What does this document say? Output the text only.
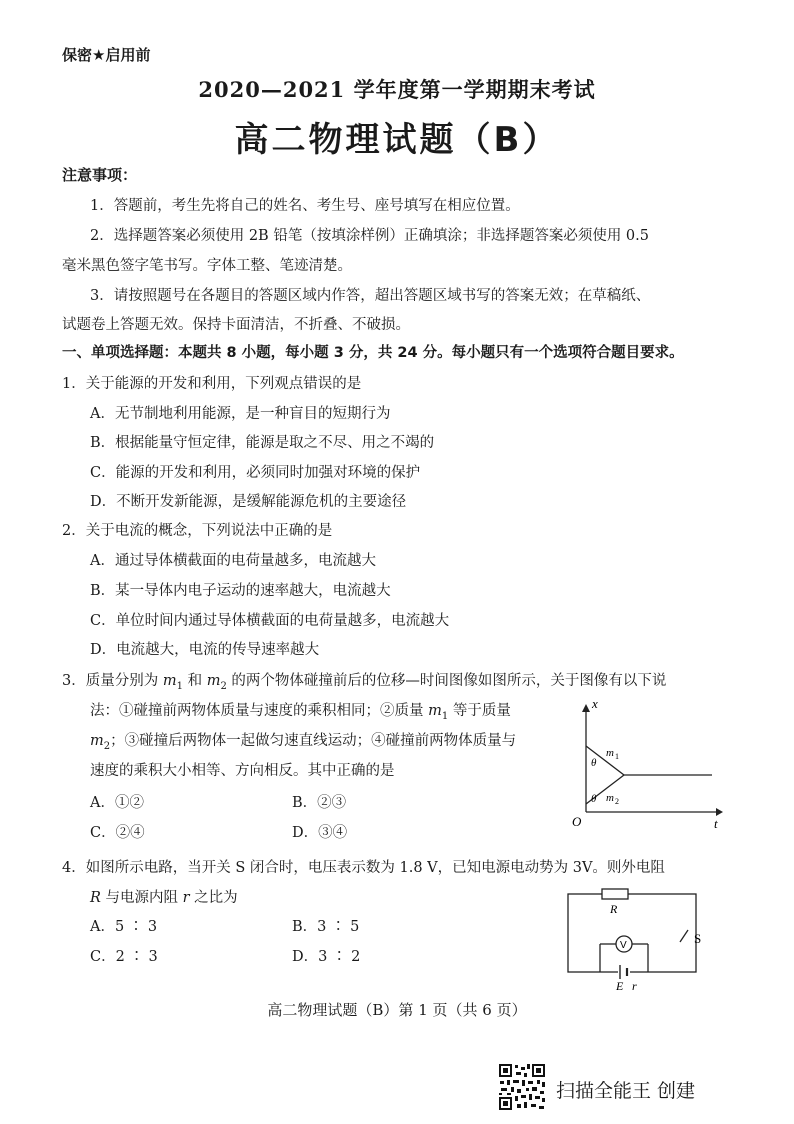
保密★启用前
2020—2021 学年度第一学期期末考试
高二物理试题（B）
注意事项：
1．答题前，考生先将自己的姓名、考生号、座号填写在相应位置。
2．选择题答案必须使用 2B 铅笔（按填涂样例）正确填涂；非选择题答案必须使用 0.5
毫米黑色签字笔书写。字体工整、笔迹清楚。
3．请按照题号在各题目的答题区域内作答，超出答题区域书写的答案无效；在草稿纸、
试题卷上答题无效。保持卡面清洁，不折叠、不破损。
一、单项选择题：本题共 8 小题，每小题 3 分，共 24 分。每小题只有一个选项符合题目要求。
1．关于能源的开发和利用，下列观点错误的是
A．无节制地利用能源，是一种盲目的短期行为
B．根据能量守恒定律，能源是取之不尽、用之不竭的
C．能源的开发和利用，必须同时加强对环境的保护
D．不断开发新能源，是缓解能源危机的主要途径
2．关于电流的概念，下列说法中正确的是
A．通过导体横截面的电荷量越多，电流越大
B．某一导体内电子运动的速率越大，电流越大
C．单位时间内通过导体横截面的电荷量越多，电流越大
D．电流越大，电流的传导速率越大
3．质量分别为 $m_1$ 和 $m_2$ 的两个物体碰撞前后的位移—时间图像如图所示，关于图像有以下说
法：①碰撞前两物体质量与速度的乘积相同；②质量 $m_1$ 等于质量
$m_2$；③碰撞后两物体一起做匀速直线运动；④碰撞前两物体质量与
速度的乘积大小相等、方向相反。其中正确的是
A．①②	B．②③
C．②④	D．③④
x
t
O
θ
θ
m 1
m 2
4．如图所示电路，当开关 S 闭合时，电压表示数为 1.8 V，已知电源电动势为 3V。则外电阻
R 与电源内阻 r 之比为
A．5 ∶ 3	B．3 ∶ 5
C．2 ∶ 3	D．3 ∶ 2
R
S
V
E r
高二物理试题（B）第 1 页（共 6 页）
扫描全能王 创建
